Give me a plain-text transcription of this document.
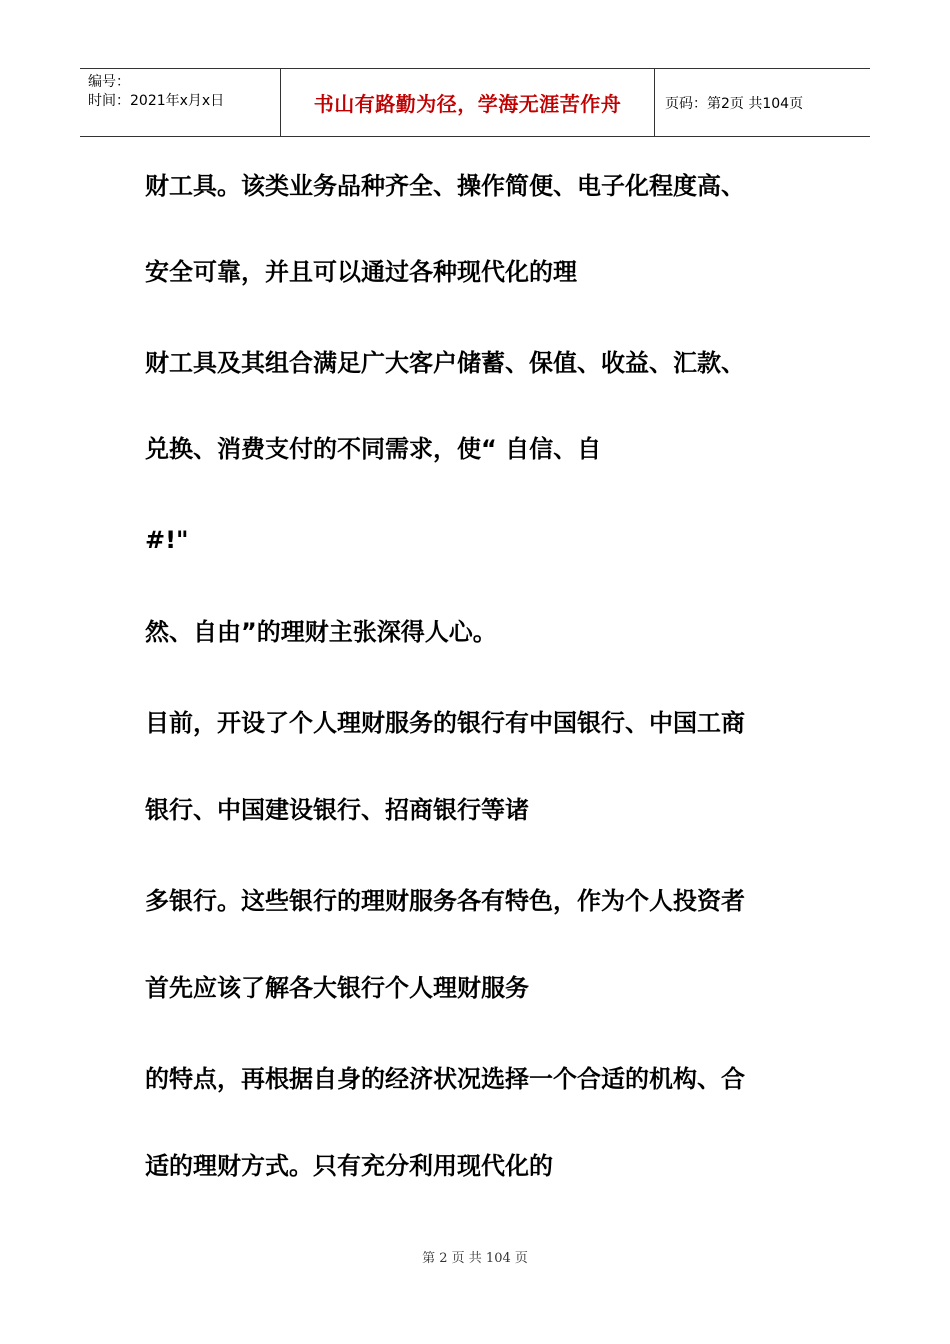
编号：
时间：2021年x月x日	书山有路勤为径，学海无涯苦作舟	页码：第2页 共104页
财工具。该类业务品种齐全、操作简便、电子化程度高、
安全可靠，并且可以通过各种现代化的理
财工具及其组合满足广大客户储蓄、保值、收益、汇款、
兑换、消费支付的不同需求，使“ 自信、自
#!"
然、自由”的理财主张深得人心。
目前，开设了个人理财服务的银行有中国银行、中国工商
银行、中国建设银行、招商银行等诸
多银行。这些银行的理财服务各有特色，作为个人投资者
首先应该了解各大银行个人理财服务
的特点，再根据自身的经济状况选择一个合适的机构、合
适的理财方式。只有充分利用现代化的
第 2 页 共 104 页
